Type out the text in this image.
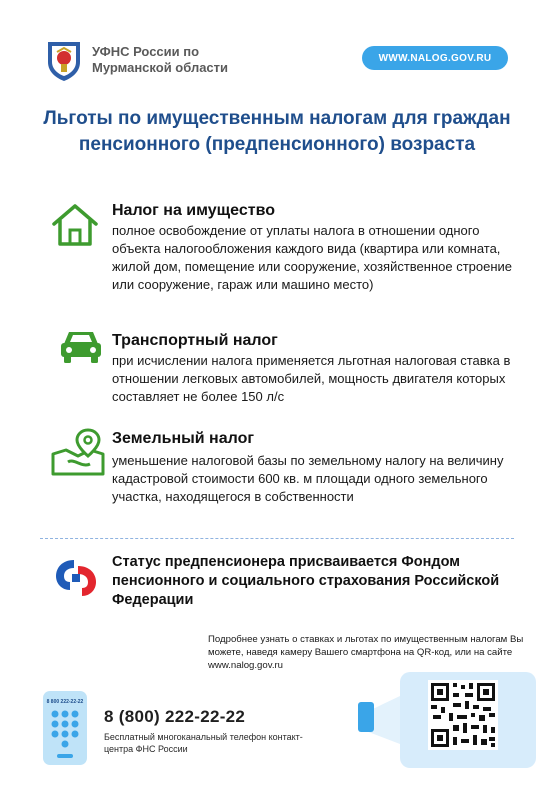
УФНС России по Мурманской области
WWW.NALOG.GOV.RU
Льготы по имущественным налогам для граждан пенсионного (предпенсионного) возраста
Налог на имущество
полное освобождение от уплаты налога в отношении одного объекта налогообложения каждого вида (квартира или комната, жилой дом, помещение или сооружение, хозяйственное строение или сооружение, гараж или машино место)
Транспортный налог
при исчислении налога применяется льготная налоговая ставка в отношении легковых автомобилей, мощность двигателя которых составляет не более 150 л/с
Земельный налог
уменьшение налоговой базы по земельному налогу на величину кадастровой стоимости 600 кв. м площади одного земельного участка, находящегося в собственности
Статус предпенсионера присваивается Фондом пенсионного и социального страхования Российской Федерации
Подробнее узнать о ставках и льготах по имущественным налогам Вы можете, наведя камеру Вашего смартфона на QR-код, или на сайте www.nalog.gov.ru
8 800 222-22-22
8 (800) 222-22-22
Бесплатный многоканальный телефон контакт-центра ФНС России
